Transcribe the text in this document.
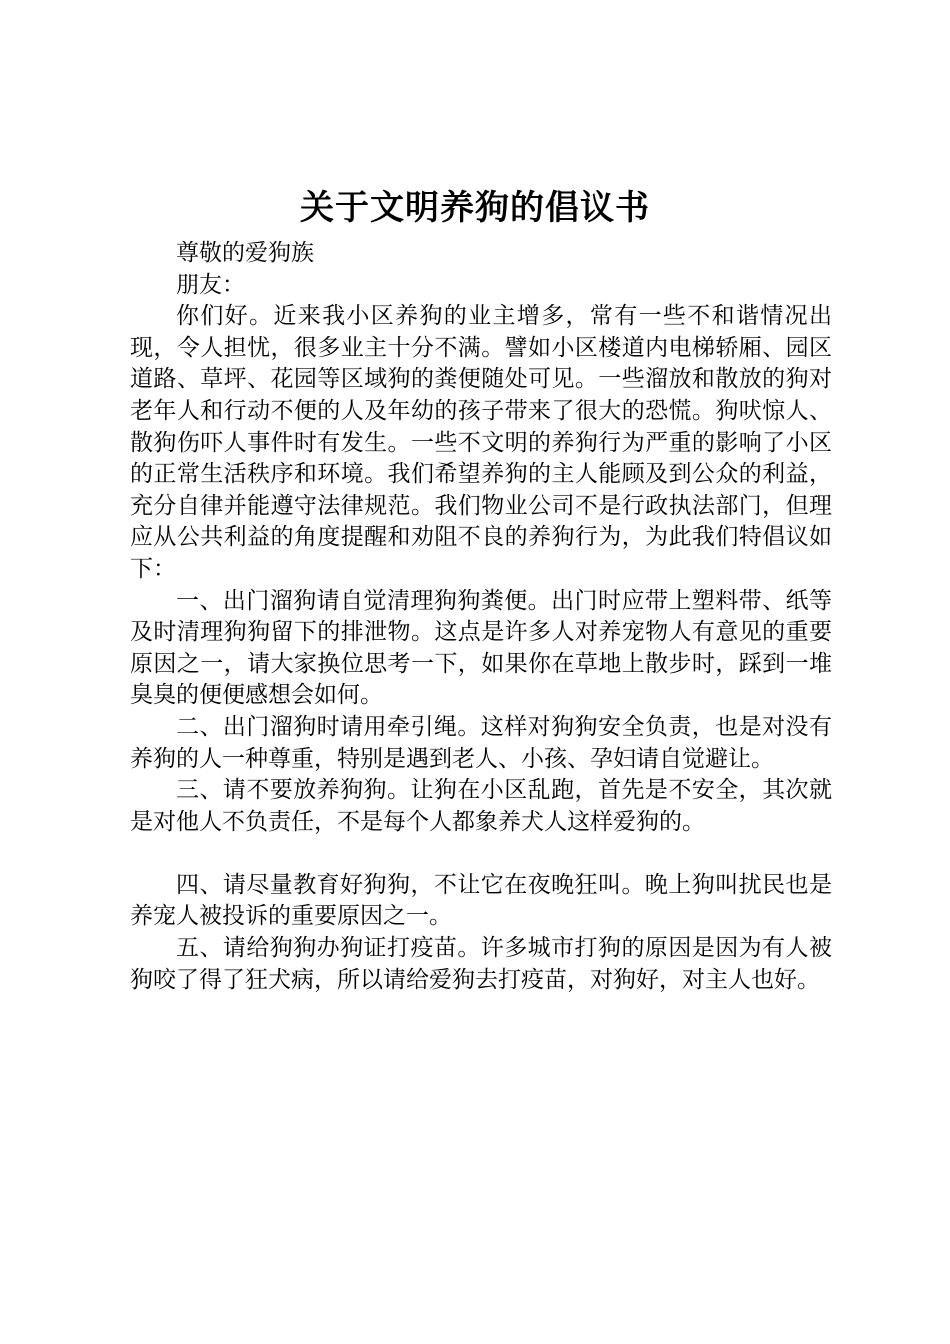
关于文明养狗的倡议书

尊敬的爱狗族

朋友：

你们好。近来我小区养狗的业主增多，常有一些不和谐情况出现，令人担忧，很多业主十分不满。譬如小区楼道内电梯轿厢、园区道路、草坪、花园等区域狗的粪便随处可见。一些溜放和散放的狗对老年人和行动不便的人及年幼的孩子带来了很大的恐慌。狗吠惊人、散狗伤吓人事件时有发生。一些不文明的养狗行为严重的影响了小区的正常生活秩序和环境。我们希望养狗的主人能顾及到公众的利益，充分自律并能遵守法律规范。我们物业公司不是行政执法部门，但理应从公共利益的角度提醒和劝阻不良的养狗行为，为此我们特倡议如下：

一、出门溜狗请自觉清理狗狗粪便。出门时应带上塑料带、纸等及时清理狗狗留下的排泄物。这点是许多人对养宠物人有意见的重要原因之一，请大家换位思考一下，如果你在草地上散步时，踩到一堆臭臭的便便感想会如何。

二、出门溜狗时请用牵引绳。这样对狗狗安全负责，也是对没有养狗的人一种尊重，特别是遇到老人、小孩、孕妇请自觉避让。

三、请不要放养狗狗。让狗在小区乱跑，首先是不安全，其次就是对他人不负责任，不是每个人都象养犬人这样爱狗的。

四、请尽量教育好狗狗，不让它在夜晚狂叫。晚上狗叫扰民也是养宠人被投诉的重要原因之一。

五、请给狗狗办狗证打疫苗。许多城市打狗的原因是因为有人被狗咬了得了狂犬病，所以请给爱狗去打疫苗，对狗好，对主人也好。
